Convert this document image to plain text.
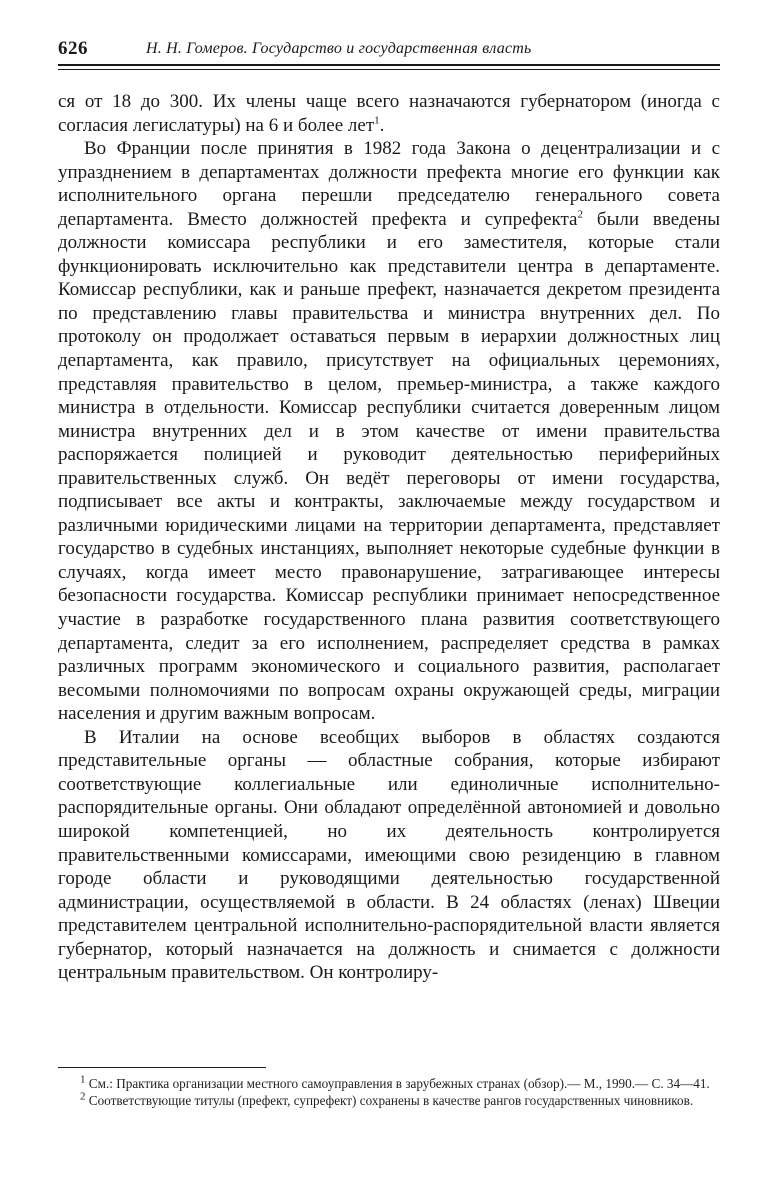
626	Н. Н. Гомеров. Государство и государственная власть

ся от 18 до 300. Их члены чаще всего назначаются губернатором (иногда с согласия легислатуры) на 6 и более лет$^1$.

Во Франции после принятия в 1982 года Закона о децентрализации и с упразднением в департаментах должности префекта многие его функции как исполнительного органа перешли председателю генерального совета департамента. Вместо должностей префекта и супрефекта$^2$ были введены должности комиссара республики и его заместителя, которые стали функционировать исключительно как представители центра в департаменте. Комиссар республики, как и раньше префект, назначается декретом президента по представлению главы правительства и министра внутренних дел. По протоколу он продолжает оставаться первым в иерархии должностных лиц департамента, как правило, присутствует на официальных церемониях, представляя правительство в целом, премьер-министра, а также каждого министра в отдельности. Комиссар республики считается доверенным лицом министра внутренних дел и в этом качестве от имени правительства распоряжается полицией и руководит деятельностью периферийных правительственных служб. Он ведёт переговоры от имени государства, подписывает все акты и контракты, заключаемые между государством и различными юридическими лицами на территории департамента, представляет государство в судебных инстанциях, выполняет некоторые судебные функции в случаях, когда имеет место правонарушение, затрагивающее интересы безопасности государства. Комиссар республики принимает непосредственное участие в разработке государственного плана развития соответствующего департамента, следит за его исполнением, распределяет средства в рамках различных программ экономического и социального развития, располагает весомыми полномочиями по вопросам охраны окружающей среды, миграции населения и другим важным вопросам.

В Италии на основе всеобщих выборов в областях создаются представительные органы — областные собрания, которые избирают соответствующие коллегиальные или единоличные исполнительно-распорядительные органы. Они обладают определённой автономией и довольно широкой компетенцией, но их деятельность контролируется правительственными комиссарами, имеющими свою резиденцию в главном городе области и руководящими деятельностью государственной администрации, осуществляемой в области. В 24 областях (ленах) Швеции представителем центральной исполнительно-распорядительной власти является губернатор, который назначается на должность и снимается с должности центральным правительством. Он контролиру-

$^1$ См.: Практика организации местного самоуправления в зарубежных странах (обзор).— М., 1990.— С. 34—41.

$^2$ Соответствующие титулы (префект, супрефект) сохранены в качестве рангов государственных чиновников.
